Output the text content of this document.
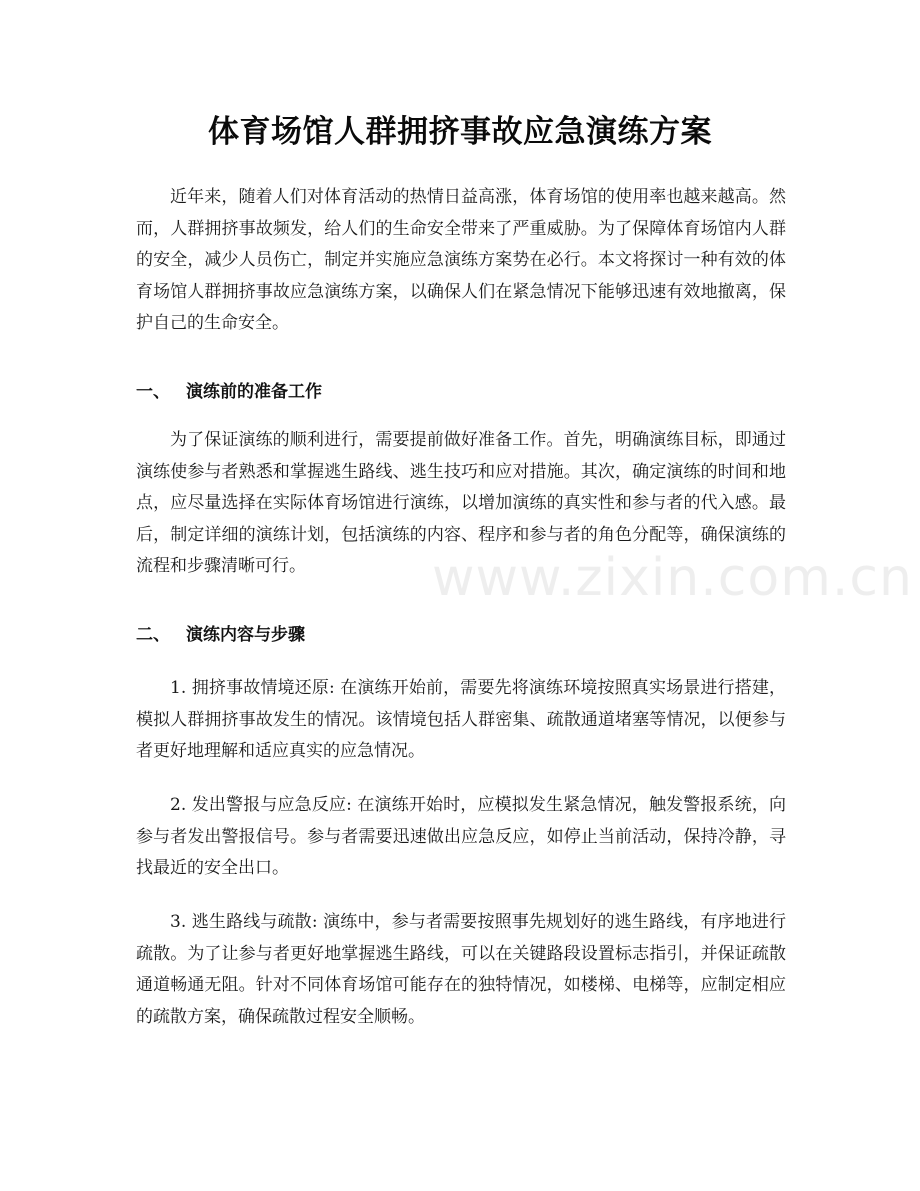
体育场馆人群拥挤事故应急演练方案

近年来，随着人们对体育活动的热情日益高涨，体育场馆的使用率也越来越高。然而，人群拥挤事故频发，给人们的生命安全带来了严重威胁。为了保障体育场馆内人群的安全，减少人员伤亡，制定并实施应急演练方案势在必行。本文将探讨一种有效的体育场馆人群拥挤事故应急演练方案，以确保人们在紧急情况下能够迅速有效地撤离，保护自己的生命安全。

一、 演练前的准备工作

为了保证演练的顺利进行，需要提前做好准备工作。首先，明确演练目标，即通过演练使参与者熟悉和掌握逃生路线、逃生技巧和应对措施。其次，确定演练的时间和地点，应尽量选择在实际体育场馆进行演练，以增加演练的真实性和参与者的代入感。最后，制定详细的演练计划，包括演练的内容、程序和参与者的角色分配等，确保演练的流程和步骤清晰可行。

二、 演练内容与步骤

1. 拥挤事故情境还原: 在演练开始前，需要先将演练环境按照真实场景进行搭建，模拟人群拥挤事故发生的情况。该情境包括人群密集、疏散通道堵塞等情况，以便参与者更好地理解和适应真实的应急情况。

2. 发出警报与应急反应: 在演练开始时，应模拟发生紧急情况，触发警报系统，向参与者发出警报信号。参与者需要迅速做出应急反应，如停止当前活动，保持冷静，寻找最近的安全出口。

3. 逃生路线与疏散: 演练中，参与者需要按照事先规划好的逃生路线，有序地进行疏散。为了让参与者更好地掌握逃生路线，可以在关键路段设置标志指引，并保证疏散通道畅通无阻。针对不同体育场馆可能存在的独特情况，如楼梯、电梯等，应制定相应的疏散方案，确保疏散过程安全顺畅。

www.zixin.com.cn
